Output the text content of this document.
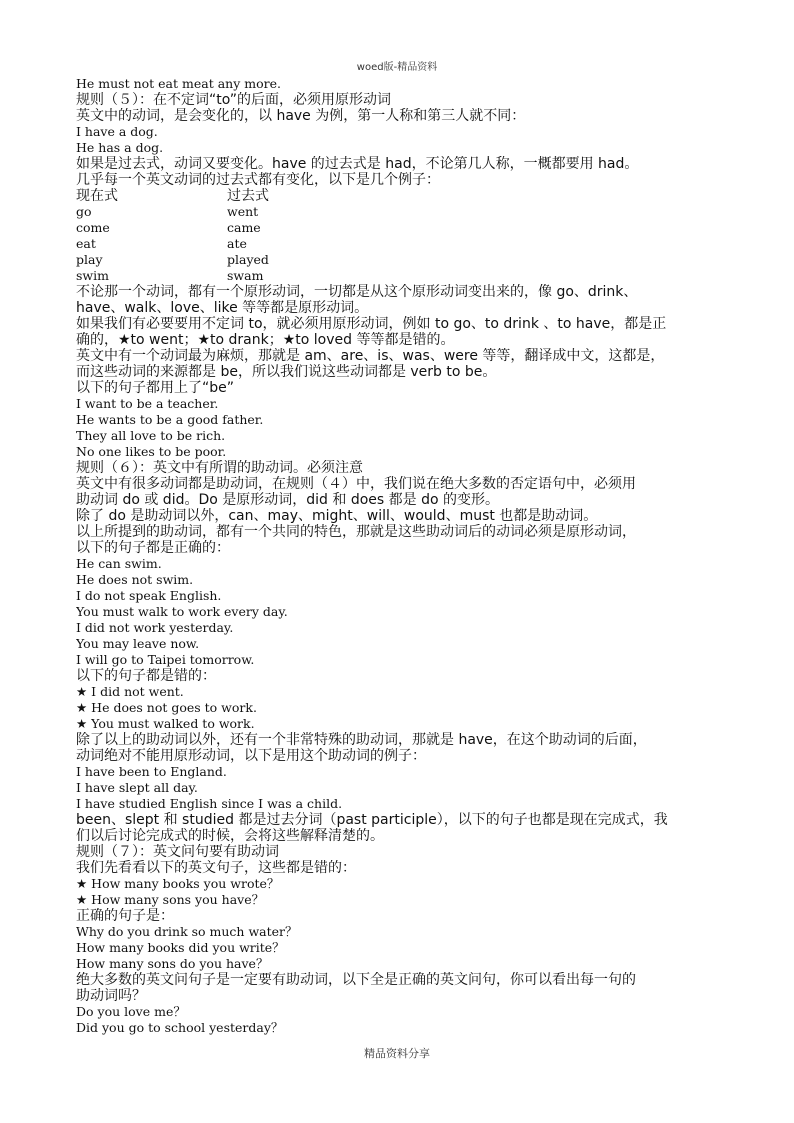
woed版-精品资料
He must not eat meat any more.
规则（５）：在不定词“to”的后面，必须用原形动词
英文中的动词，是会变化的，以 have 为例，第一人称和第三人就不同：
I have a dog.
He has a dog.
如果是过去式，动词又要变化。have 的过去式是 had，不论第几人称，一概都要用 had。
几乎每一个英文动词的过去式都有变化，以下是几个例子：
现在式	过去式
go	went
come	came
eat	ate
play	played
swim	swam
不论那一个动词，都有一个原形动词，一切都是从这个原形动词变出来的，像 go、drink、
have、walk、love、like 等等都是原形动词。
如果我们有必要要用不定词 to，就必须用原形动词，例如 to go、to drink 、to have，都是正
确的，★to went；★to drank；★to loved 等等都是错的。
英文中有一个动词最为麻烦，那就是 am、are、is、was、were 等等，翻译成中文，这都是，
而这些动词的来源都是 be，所以我们说这些动词都是 verb to be。
以下的句子都用上了“be”
I want to be a teacher.
He wants to be a good father.
They all love to be rich.
No one likes to be poor.
规则（６）：英文中有所谓的助动词。必须注意
英文中有很多动词都是助动词，在规则（４）中，我们说在绝大多数的否定语句中，必须用
助动词 do 或 did。Do 是原形动词，did 和 does 都是 do 的变形。
除了 do 是助动词以外，can、may、might、will、would、must 也都是助动词。
以上所提到的助动词，都有一个共同的特色，那就是这些助动词后的动词必须是原形动词，
以下的句子都是正确的：
He can swim.
He does not swim.
I do not speak English.
You must walk to work every day.
I did not work yesterday.
You may leave now.
I will go to Taipei tomorrow.
以下的句子都是错的：
★ I did not went.
★ He does not goes to work.
★ You must walked to work.
除了以上的助动词以外，还有一个非常特殊的助动词，那就是 have，在这个助动词的后面，
动词绝对不能用原形动词，以下是用这个助动词的例子：
I have been to England.
I have slept all day.
I have studied English since I was a child.
been、slept 和 studied 都是过去分词（past participle），以下的句子也都是现在完成式，我
们以后讨论完成式的时候，会将这些解释清楚的。
规则（７）：英文问句要有助动词
我们先看看以下的英文句子，这些都是错的：
★ How many books you wrote？
★ How many sons you have？
正确的句子是：
Why do you drink so much water？
How many books did you write？
How many sons do you have？
绝大多数的英文问句子是一定要有助动词，以下全是正确的英文问句，你可以看出每一句的
助动词吗？
Do you love me？
Did you go to school yesterday？
精品资料分享
